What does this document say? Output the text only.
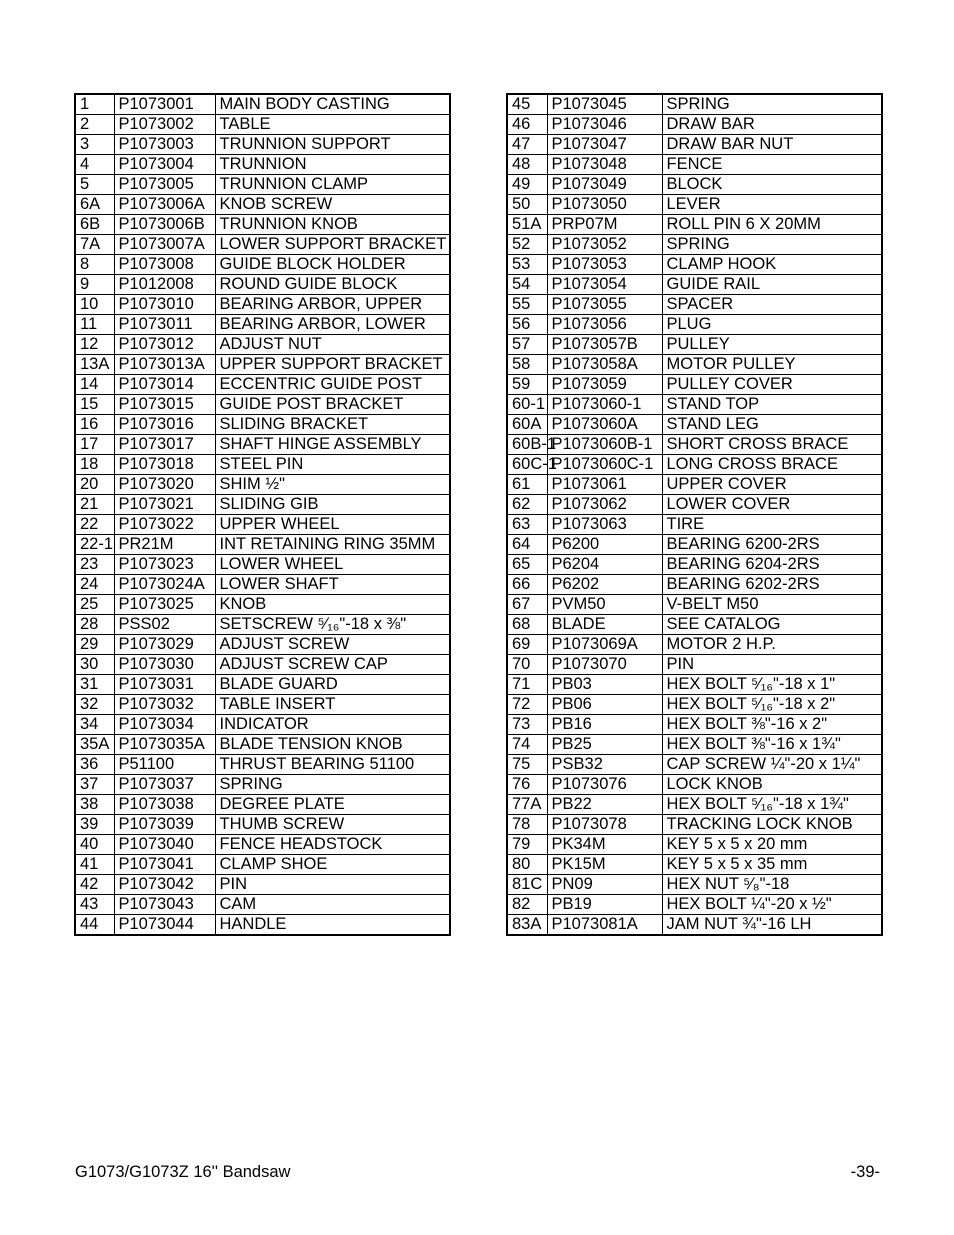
1	P1073001	MAIN BODY CASTING
2	P1073002	TABLE
3	P1073003	TRUNNION SUPPORT
4	P1073004	TRUNNION
5	P1073005	TRUNNION CLAMP
6A	P1073006A	KNOB SCREW
6B	P1073006B	TRUNNION KNOB
7A	P1073007A	LOWER SUPPORT BRACKET
8	P1073008	GUIDE BLOCK HOLDER
9	P1012008	ROUND GUIDE BLOCK
10	P1073010	BEARING ARBOR, UPPER
11	P1073011	BEARING ARBOR, LOWER
12	P1073012	ADJUST NUT
13A	P1073013A	UPPER SUPPORT BRACKET
14	P1073014	ECCENTRIC GUIDE POST
15	P1073015	GUIDE POST BRACKET
16	P1073016	SLIDING BRACKET
17	P1073017	SHAFT HINGE ASSEMBLY
18	P1073018	STEEL PIN
20	P1073020	SHIM ½"
21	P1073021	SLIDING GIB
22	P1073022	UPPER WHEEL
22-1	PR21M	INT RETAINING RING 35MM
23	P1073023	LOWER WHEEL
24	P1073024A	LOWER SHAFT
25	P1073025	KNOB
28	PSS02	SETSCREW ⁵⁄₁₆"-18 x ⅜"
29	P1073029	ADJUST SCREW
30	P1073030	ADJUST SCREW CAP
31	P1073031	BLADE GUARD
32	P1073032	TABLE INSERT
34	P1073034	INDICATOR
35A	P1073035A	BLADE TENSION KNOB
36	P51100	THRUST BEARING 51100
37	P1073037	SPRING
38	P1073038	DEGREE PLATE
39	P1073039	THUMB SCREW
40	P1073040	FENCE HEADSTOCK
41	P1073041	CLAMP SHOE
42	P1073042	PIN
43	P1073043	CAM
44	P1073044	HANDLE
45	P1073045	SPRING
46	P1073046	DRAW BAR
47	P1073047	DRAW BAR NUT
48	P1073048	FENCE
49	P1073049	BLOCK
50	P1073050	LEVER
51A	PRP07M	ROLL PIN 6 X 20MM
52	P1073052	SPRING
53	P1073053	CLAMP HOOK
54	P1073054	GUIDE RAIL
55	P1073055	SPACER
56	P1073056	PLUG
57	P1073057B	PULLEY
58	P1073058A	MOTOR PULLEY
59	P1073059	PULLEY COVER
60-1	P1073060-1	STAND TOP
60A	P1073060A	STAND LEG
60B-1	P1073060B-1	SHORT CROSS BRACE
60C-1	P1073060C-1	LONG CROSS BRACE
61	P1073061	UPPER COVER
62	P1073062	LOWER COVER
63	P1073063	TIRE
64	P6200	BEARING 6200-2RS
65	P6204	BEARING 6204-2RS
66	P6202	BEARING 6202-2RS
67	PVM50	V-BELT M50
68	BLADE	SEE CATALOG
69	P1073069A	MOTOR 2 H.P.
70	P1073070	PIN
71	PB03	HEX BOLT ⁵⁄₁₆"-18 x 1"
72	PB06	HEX BOLT ⁵⁄₁₆"-18 x 2"
73	PB16	HEX BOLT ⅜"-16 x 2"
74	PB25	HEX BOLT ⅜"-16 x 1¾"
75	PSB32	CAP SCREW ¼"-20 x 1¼"
76	P1073076	LOCK KNOB
77A	PB22	HEX BOLT ⁵⁄₁₆"-18 x 1¾"
78	P1073078	TRACKING LOCK KNOB
79	PK34M	KEY 5 x 5 x 20 mm
80	PK15M	KEY 5 x 5 x 35 mm
81C	PN09	HEX NUT ⁵⁄₈"-18
82	PB19	HEX BOLT ¼"-20 x ½"
83A	P1073081A	JAM NUT ¾"-16 LH
G1073/G1073Z 16'' Bandsaw	-39-
